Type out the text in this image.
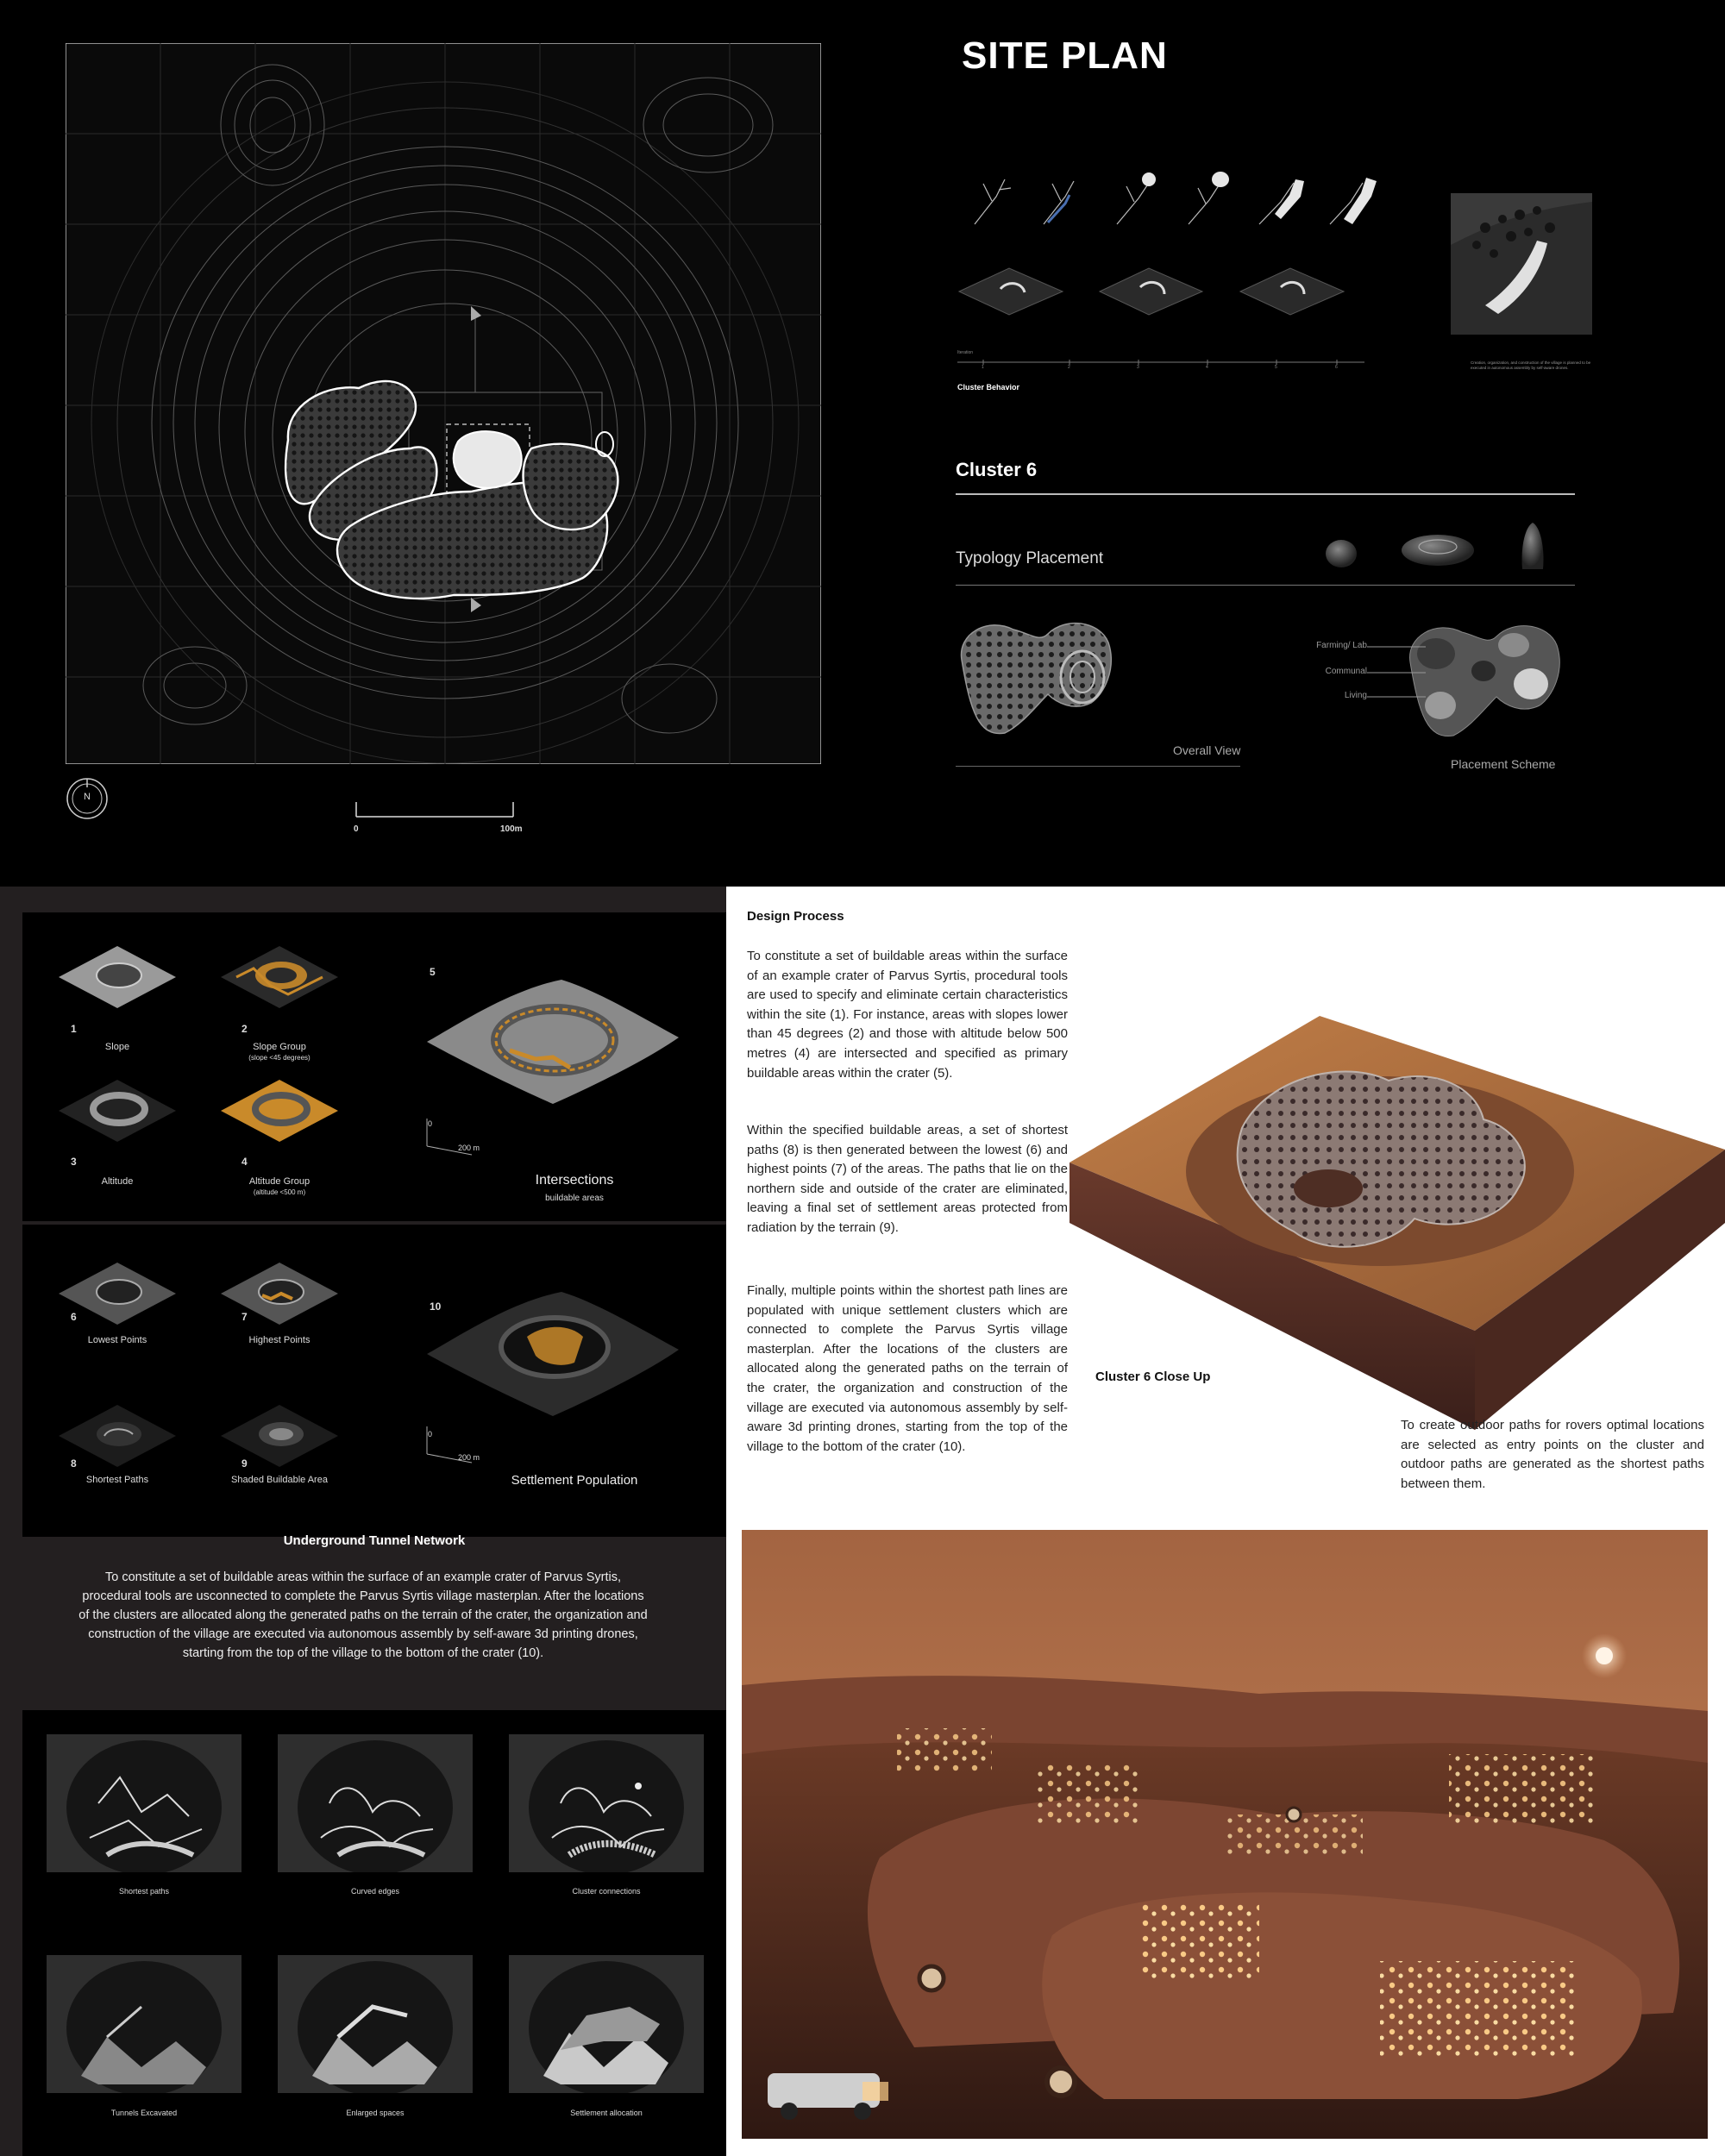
N
0	100m
SITE PLAN
Iteration
1	2	3	4	5	6
Cluster Behavior
Creation, organization, and construction of the village is planned to be executed in autonomous assembly by self-aware drones.
Cluster 6
Typology Placement
Overall View
Farming/ Lab
Communal
Living
Placement Scheme
1
Slope
2
Slope Group
(slope <45 degrees)
3
Altitude
4
Altitude Group
(altitude <500 m)
5
0
200 m
Intersections
buildable areas
6
Lowest Points
7
Highest Points
8
Shortest Paths
9
Shaded Buildable Area
10
0
200 m
Settlement Population
Underground Tunnel Network
To constitute a set of buildable areas within the surface of an example crater of Parvus Syrtis, procedural tools are usconnected to complete the Parvus Syrtis village masterplan. After the locations of the clusters are allocated along the generated paths on the terrain of the crater, the organization and construction of the village are executed via autonomous assembly by self-aware 3d printing drones, starting from the top of the village to the bottom of the crater (10).
Shortest paths	Curved edges	Cluster connections
Tunnels Excavated	Enlarged spaces	Settlement allocation
Design Process
To constitute a set of buildable areas within the surface of an example crater of Parvus Syrtis, procedural tools are used to specify and eliminate certain characteristics within the site (1). For instance, areas with slopes lower than 45 degrees (2) and those with altitude below 500 metres (4) are intersected and specified as primary buildable areas within the crater (5).
Within the specified buildable areas, a set of shortest paths (8) is then generated between the lowest (6) and highest points (7) of the areas. The paths that lie on the northern side and outside of the crater are eliminated, leaving a final set of settlement areas protected from radiation by the terrain (9).
Finally, multiple points within the shortest path lines are populated with unique settlement clusters which are connected to complete the Parvus Syrtis village masterplan. After the locations of the clusters are allocated along the generated paths on the terrain of the crater, the organization and construction of the village are executed via autonomous assembly by self-aware 3d printing drones, starting from the top of the village to the bottom of the crater (10).
Cluster 6 Close Up
To create outdoor paths for rovers optimal locations are selected as entry points on the cluster and outdoor paths are generated as the shortest paths between them.
